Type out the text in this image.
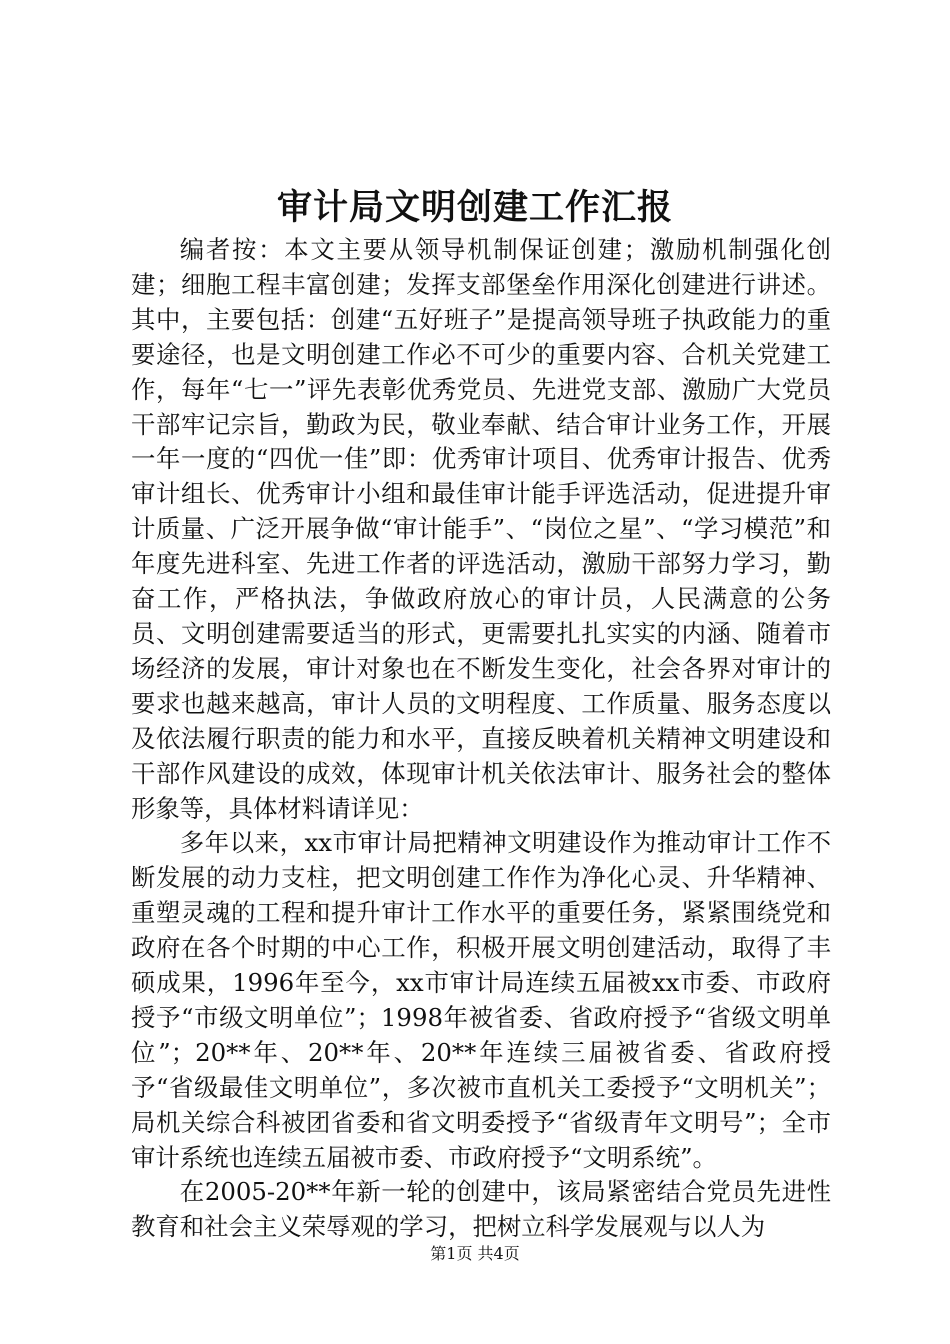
审计局文明创建工作汇报

编者按：本文主要从领导机制保证创建；激励机制强化创建；细胞工程丰富创建；发挥支部堡垒作用深化创建进行讲述。其中，主要包括：创建“五好班子”是提高领导班子执政能力的重要途径，也是文明创建工作必不可少的重要内容、合机关党建工作，每年“七一”评先表彰优秀党员、先进党支部、激励广大党员干部牢记宗旨，勤政为民，敬业奉献、结合审计业务工作，开展一年一度的“四优一佳”即：优秀审计项目、优秀审计报告、优秀审计组长、优秀审计小组和最佳审计能手评选活动，促进提升审计质量、广泛开展争做“审计能手”、“岗位之星”、“学习模范”和年度先进科室、先进工作者的评选活动，激励干部努力学习，勤奋工作，严格执法，争做政府放心的审计员，人民满意的公务员、文明创建需要适当的形式，更需要扎扎实实的内涵、随着市场经济的发展，审计对象也在不断发生变化，社会各界对审计的要求也越来越高，审计人员的文明程度、工作质量、服务态度以及依法履行职责的能力和水平，直接反映着机关精神文明建设和干部作风建设的成效，体现审计机关依法审计、服务社会的整体形象等，具体材料请详见：

多年以来，xx市审计局把精神文明建设作为推动审计工作不断发展的动力支柱，把文明创建工作作为净化心灵、升华精神、重塑灵魂的工程和提升审计工作水平的重要任务，紧紧围绕党和政府在各个时期的中心工作，积极开展文明创建活动，取得了丰硕成果，1996年至今，xx市审计局连续五届被xx市委、市政府授予“市级文明单位”；1998年被省委、省政府授予“省级文明单位”；20**年、20**年、20**年连续三届被省委、省政府授予“省级最佳文明单位”，多次被市直机关工委授予“文明机关”；局机关综合科被团省委和省文明委授予“省级青年文明号”；全市审计系统也连续五届被市委、市政府授予“文明系统”。

在2005-20**年新一轮的创建中，该局紧密结合党员先进性教育和社会主义荣辱观的学习，把树立科学发展观与以人为

第1页 共4页
